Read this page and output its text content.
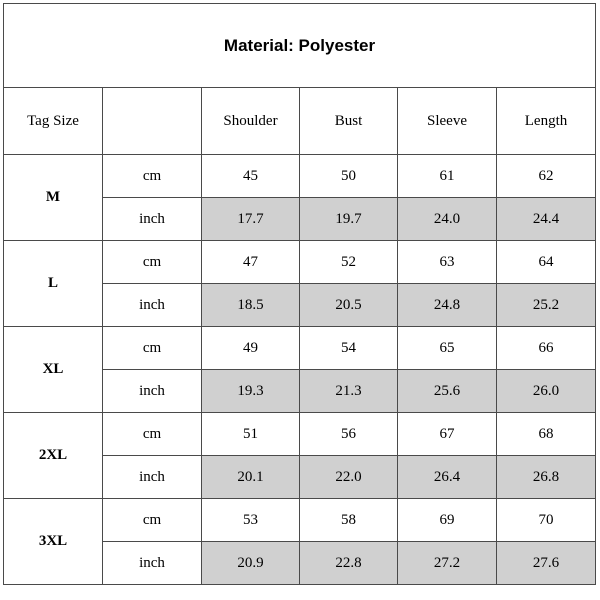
Material: Polyester					
Tag Size		Shoulder	Bust	Sleeve	Length
M	cm	45	50	61	62
	inch	17.7	19.7	24.0	24.4
L	cm	47	52	63	64
	inch	18.5	20.5	24.8	25.2
XL	cm	49	54	65	66
	inch	19.3	21.3	25.6	26.0
2XL	cm	51	56	67	68
	inch	20.1	22.0	26.4	26.8
3XL	cm	53	58	69	70
	inch	20.9	22.8	27.2	27.6
